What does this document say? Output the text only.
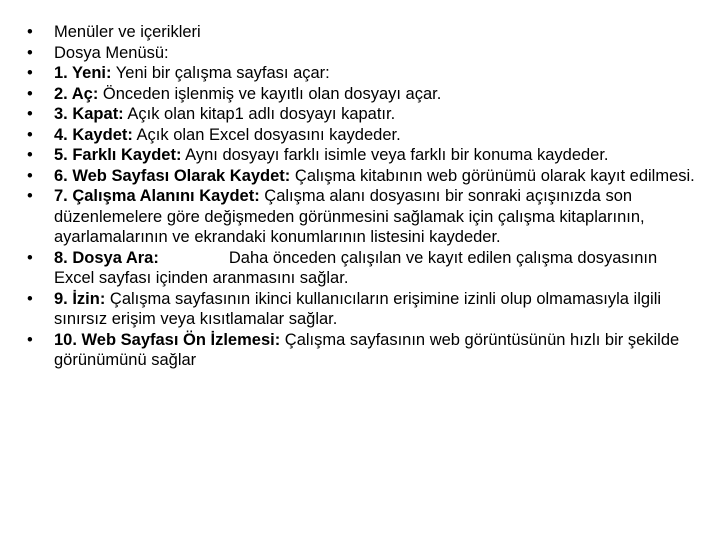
•	Menüler ve içerikleri
•	Dosya Menüsü:
•	1. Yeni: Yeni bir çalışma sayfası açar:
•	2. Aç: Önceden işlenmiş ve kayıtlı olan dosyayı açar.
•	3. Kapat: Açık olan kitap1 adlı dosyayı kapatır.
•	4. Kaydet: Açık olan Excel dosyasını kaydeder.
•	5. Farklı Kaydet: Aynı dosyayı farklı isimle veya farklı bir konuma kaydeder.
•	6. Web Sayfası Olarak Kaydet: Çalışma kitabının web görünümü olarak kayıt edilmesi.
•	7. Çalışma Alanını Kaydet: Çalışma alanı dosyasını bir sonraki açışınızda son düzenlemelere göre değişmeden görünmesini sağlamak için çalışma kitaplarının, ayarlamalarının ve ekrandaki konumlarının listesini kaydeder.
•	8. Dosya Ara:	Daha önceden çalışılan ve kayıt edilen çalışma dosyasının Excel sayfası içinden aranmasını sağlar.
•	9. İzin: Çalışma sayfasının ikinci kullanıcıların erişimine izinli olup olmamasıyla ilgili sınırsız erişim veya kısıtlamalar sağlar.
•	10. Web Sayfası Ön İzlemesi: Çalışma sayfasının web görüntüsünün hızlı bir şekilde görünümünü sağlar
